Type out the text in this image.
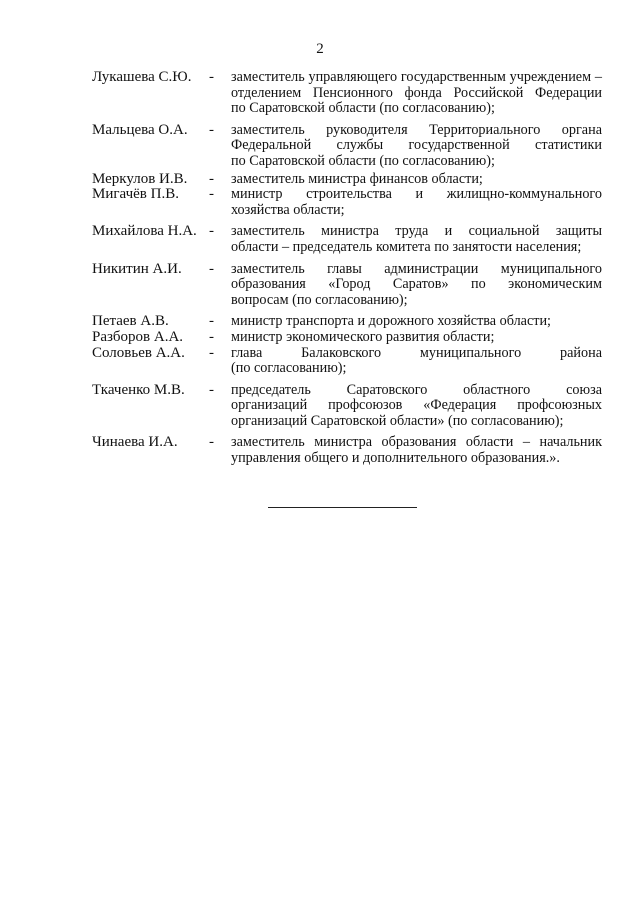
2
Лукашева С.Ю.	-	заместитель управляющего государственным учреждением –
отделением Пенсионного фонда Российской Федерации
по Саратовской области (по согласованию);
Мальцева О.А.	-	заместитель руководителя Территориального органа
Федеральной службы государственной статистики
по Саратовской области (по согласованию);
Меркулов И.В.	-	заместитель министра финансов области;
Мигачёв П.В.	-	министр строительства и жилищно-коммунального
хозяйства области;
Михайлова Н.А. -	заместитель министра труда и социальной защиты
области – председатель комитета по занятости населения;
Никитин А.И.	-	заместитель главы администрации муниципального
образования «Город Саратов» по экономическим
вопросам (по согласованию);
Петаев А.В.	-	министр транспорта и дорожного хозяйства области;
Разборов А.А.	-	министр экономического развития области;
Соловьев А.А.	-	глава Балаковского муниципального района
(по согласованию);
Ткаченко М.В.	-	председатель Саратовского областного союза
организаций профсоюзов «Федерация профсоюзных
организаций Саратовской области» (по согласованию);
Чинаева И.А.	-	заместитель министра образования области – начальник
управления общего и дополнительного образования.».
